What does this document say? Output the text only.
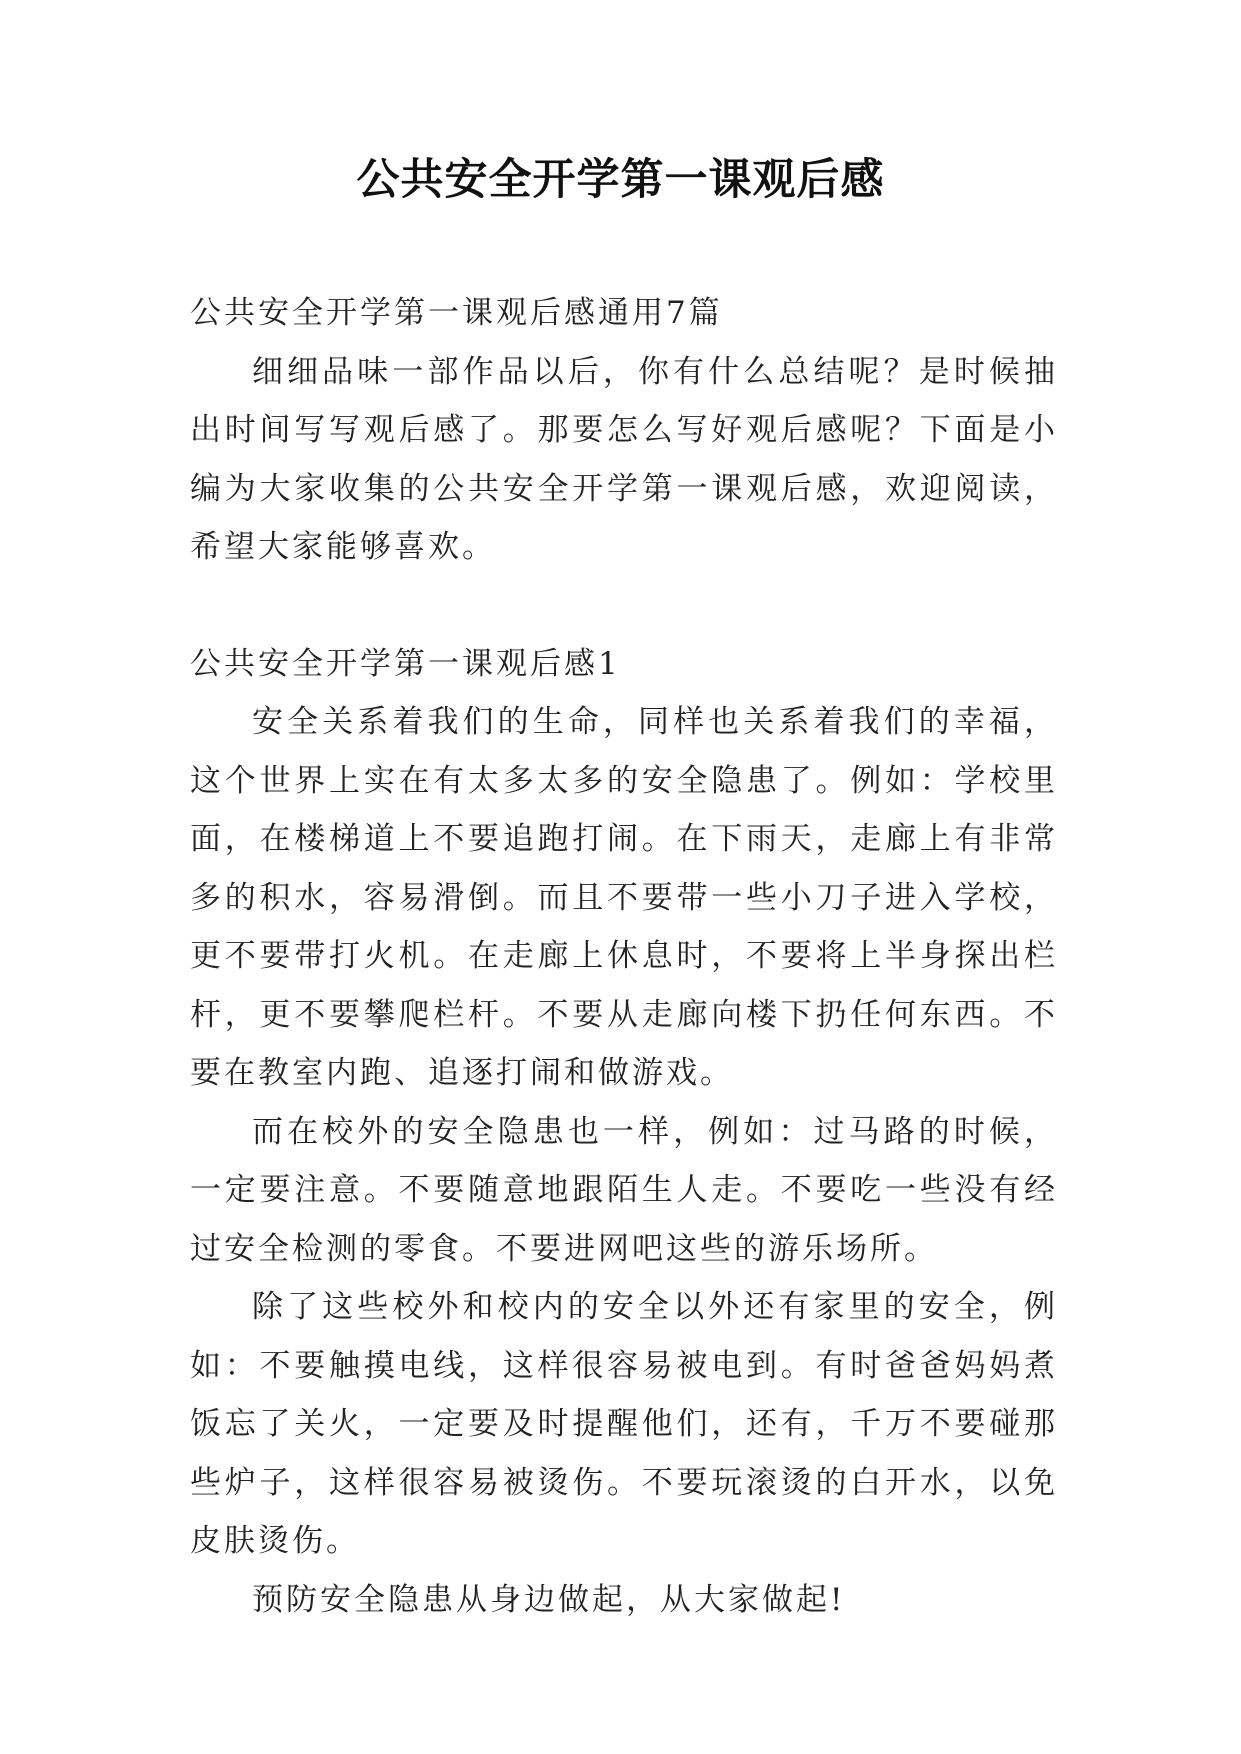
公共安全开学第一课观后感

公共安全开学第一课观后感通用7篇

细细品味一部作品以后，你有什么总结呢？是时候抽出时间写写观后感了。那要怎么写好观后感呢？下面是小编为大家收集的公共安全开学第一课观后感，欢迎阅读，希望大家能够喜欢。

公共安全开学第一课观后感1

安全关系着我们的生命，同样也关系着我们的幸福，这个世界上实在有太多太多的安全隐患了。例如：学校里面，在楼梯道上不要追跑打闹。在下雨天，走廊上有非常多的积水，容易滑倒。而且不要带一些小刀子进入学校，更不要带打火机。在走廊上休息时，不要将上半身探出栏杆，更不要攀爬栏杆。不要从走廊向楼下扔任何东西。不要在教室内跑、追逐打闹和做游戏。

而在校外的安全隐患也一样，例如：过马路的时候，一定要注意。不要随意地跟陌生人走。不要吃一些没有经过安全检测的零食。不要进网吧这些的游乐场所。

除了这些校外和校内的安全以外还有家里的安全，例如：不要触摸电线，这样很容易被电到。有时爸爸妈妈煮饭忘了关火，一定要及时提醒他们，还有，千万不要碰那些炉子，这样很容易被烫伤。不要玩滚烫的白开水，以免皮肤烫伤。

预防安全隐患从身边做起，从大家做起!
